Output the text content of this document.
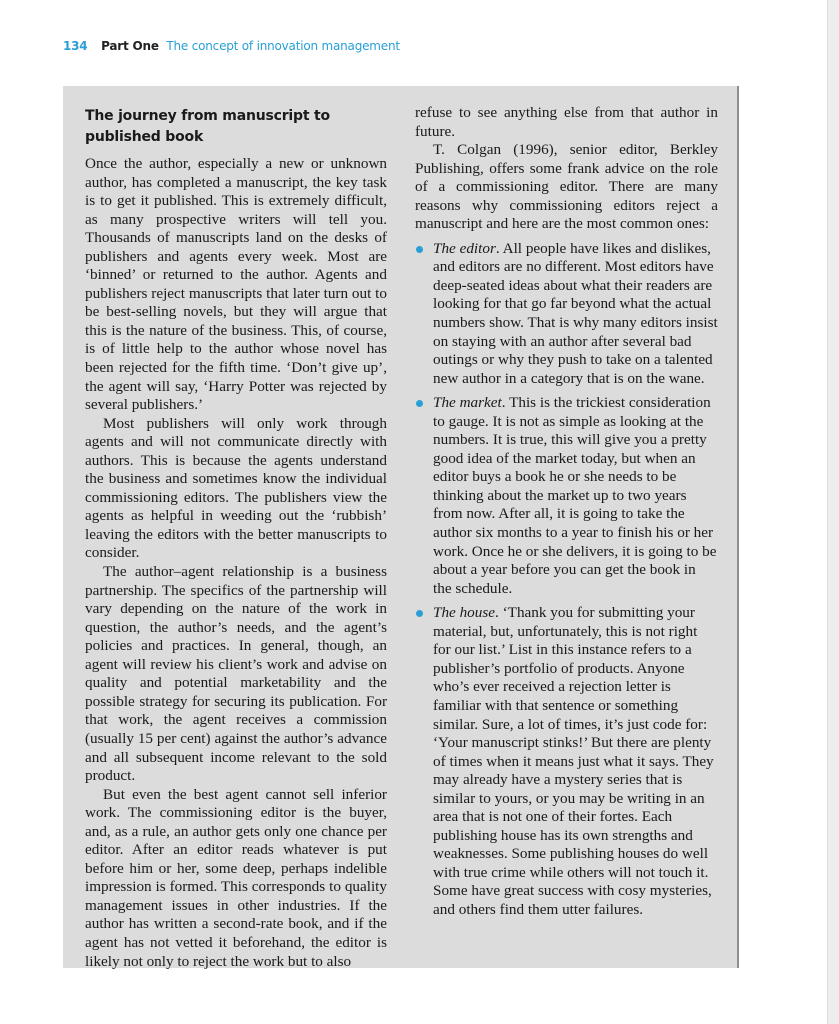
134 Part One The concept of innovation management
The journey from manuscript to published book

Once the author, especially a new or unknown author, has completed a manuscript, the key task is to get it published. This is extremely difficult, as many prospective writers will tell you. Thousands of manuscripts land on the desks of publishers and agents every week. Most are ‘binned’ or returned to the author. Agents and publishers reject manuscripts that later turn out to be best-selling novels, but they will argue that this is the nature of the business. This, of course, is of little help to the author whose novel has been rejected for the fifth time. ‘Don’t give up’, the agent will say, ‘Harry Potter was rejected by several publishers.’

Most publishers will only work through agents and will not communicate directly with authors. This is because the agents understand the business and sometimes know the individual commissioning editors. The publishers view the agents as helpful in weeding out the ‘rubbish’ leaving the editors with the better manuscripts to consider.

The author–agent relationship is a business partnership. The specifics of the partnership will vary depending on the nature of the work in question, the author’s needs, and the agent’s policies and practices. In general, though, an agent will review his client’s work and advise on quality and potential marketability and the possible strategy for securing its publication. For that work, the agent receives a commission (usually 15 per cent) against the author’s advance and all subsequent income relevant to the sold product.

But even the best agent cannot sell inferior work. The commissioning editor is the buyer, and, as a rule, an author gets only one chance per editor. After an editor reads whatever is put before him or her, some deep, perhaps indelible impression is formed. This corresponds to quality management issues in other industries. If the author has written a second-rate book, and if the agent has not vetted it beforehand, the editor is likely not only to reject the work but to also

refuse to see anything else from that author in future.

T. Colgan (1996), senior editor, Berkley Publishing, offers some frank advice on the role of a commissioning editor. There are many reasons why commissioning editors reject a manuscript and here are the most common ones:

The editor. All people have likes and dislikes, and editors are no different. Most editors have deep-seated ideas about what their readers are looking for that go far beyond what the actual numbers show. That is why many editors insist on staying with an author after several bad outings or why they push to take on a talented new author in a category that is on the wane.
The market. This is the trickiest consideration to gauge. It is not as simple as looking at the numbers. It is true, this will give you a pretty good idea of the market today, but when an editor buys a book he or she needs to be thinking about the market up to two years from now. After all, it is going to take the author six months to a year to finish his or her work. Once he or she delivers, it is going to be about a year before you can get the book in the schedule.
The house. ‘Thank you for submitting your material, but, unfortunately, this is not right for our list.’ List in this instance refers to a publisher’s portfolio of products. Anyone who’s ever received a rejection letter is familiar with that sentence or something similar. Sure, a lot of times, it’s just code for: ‘Your manuscript stinks!’ But there are plenty of times when it means just what it says. They may already have a mystery series that is similar to yours, or you may be writing in an area that is not one of their fortes. Each publishing house has its own strengths and weaknesses. Some publishing houses do well with true crime while others will not touch it. Some have great success with cosy mysteries, and others find them utter failures.
